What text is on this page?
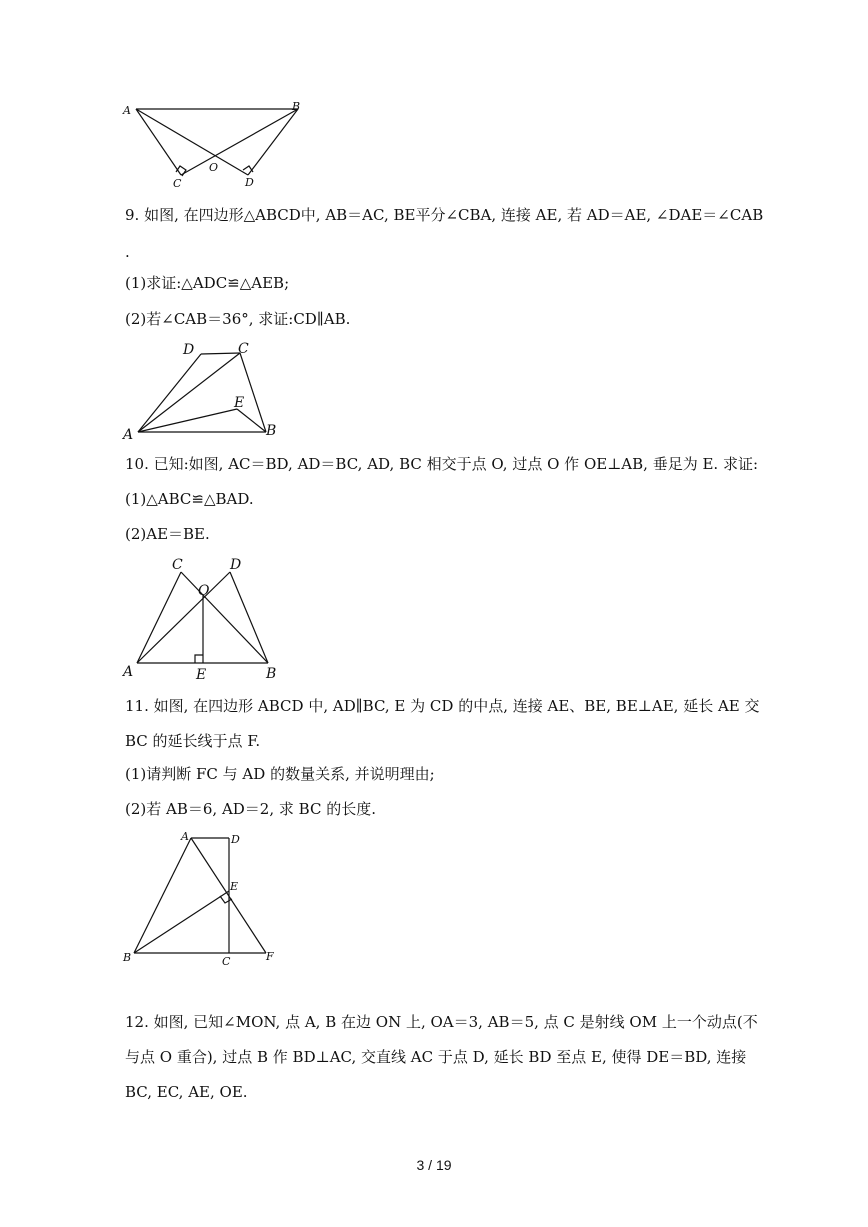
A	B
O
C	D
9. 如图, 在四边形△ABCD中, AB＝AC, BE平分∠CBA, 连接 AE, 若 AD＝AE, ∠DAE＝∠CAB
.
(1)求证:△ADC≌△AEB;
(2)若∠CAB＝36°, 求证:CD∥AB.
A	B
C
D
E
10. 已知:如图, AC＝BD, AD＝BC, AD, BC 相交于点 O, 过点 O 作 OE⊥AB, 垂足为 E. 求证:
(1)△ABC≌△BAD.
(2)AE＝BE.
A	B
C	D
O
E
11. 如图, 在四边形 ABCD 中, AD∥BC, E 为 CD 的中点, 连接 AE、BE, BE⊥AE, 延长 AE 交
BC 的延长线于点 F.
(1)请判断 FC 与 AD 的数量关系, 并说明理由;
(2)若 AB＝6, AD＝2, 求 BC 的长度.
A	D
E
B	C	F
12. 如图, 已知∠MON, 点 A, B 在边 ON 上, OA＝3, AB＝5, 点 C 是射线 OM 上一个动点(不
与点 O 重合), 过点 B 作 BD⊥AC, 交直线 AC 于点 D, 延长 BD 至点 E, 使得 DE＝BD, 连接
BC, EC, AE, OE.
3 / 19
